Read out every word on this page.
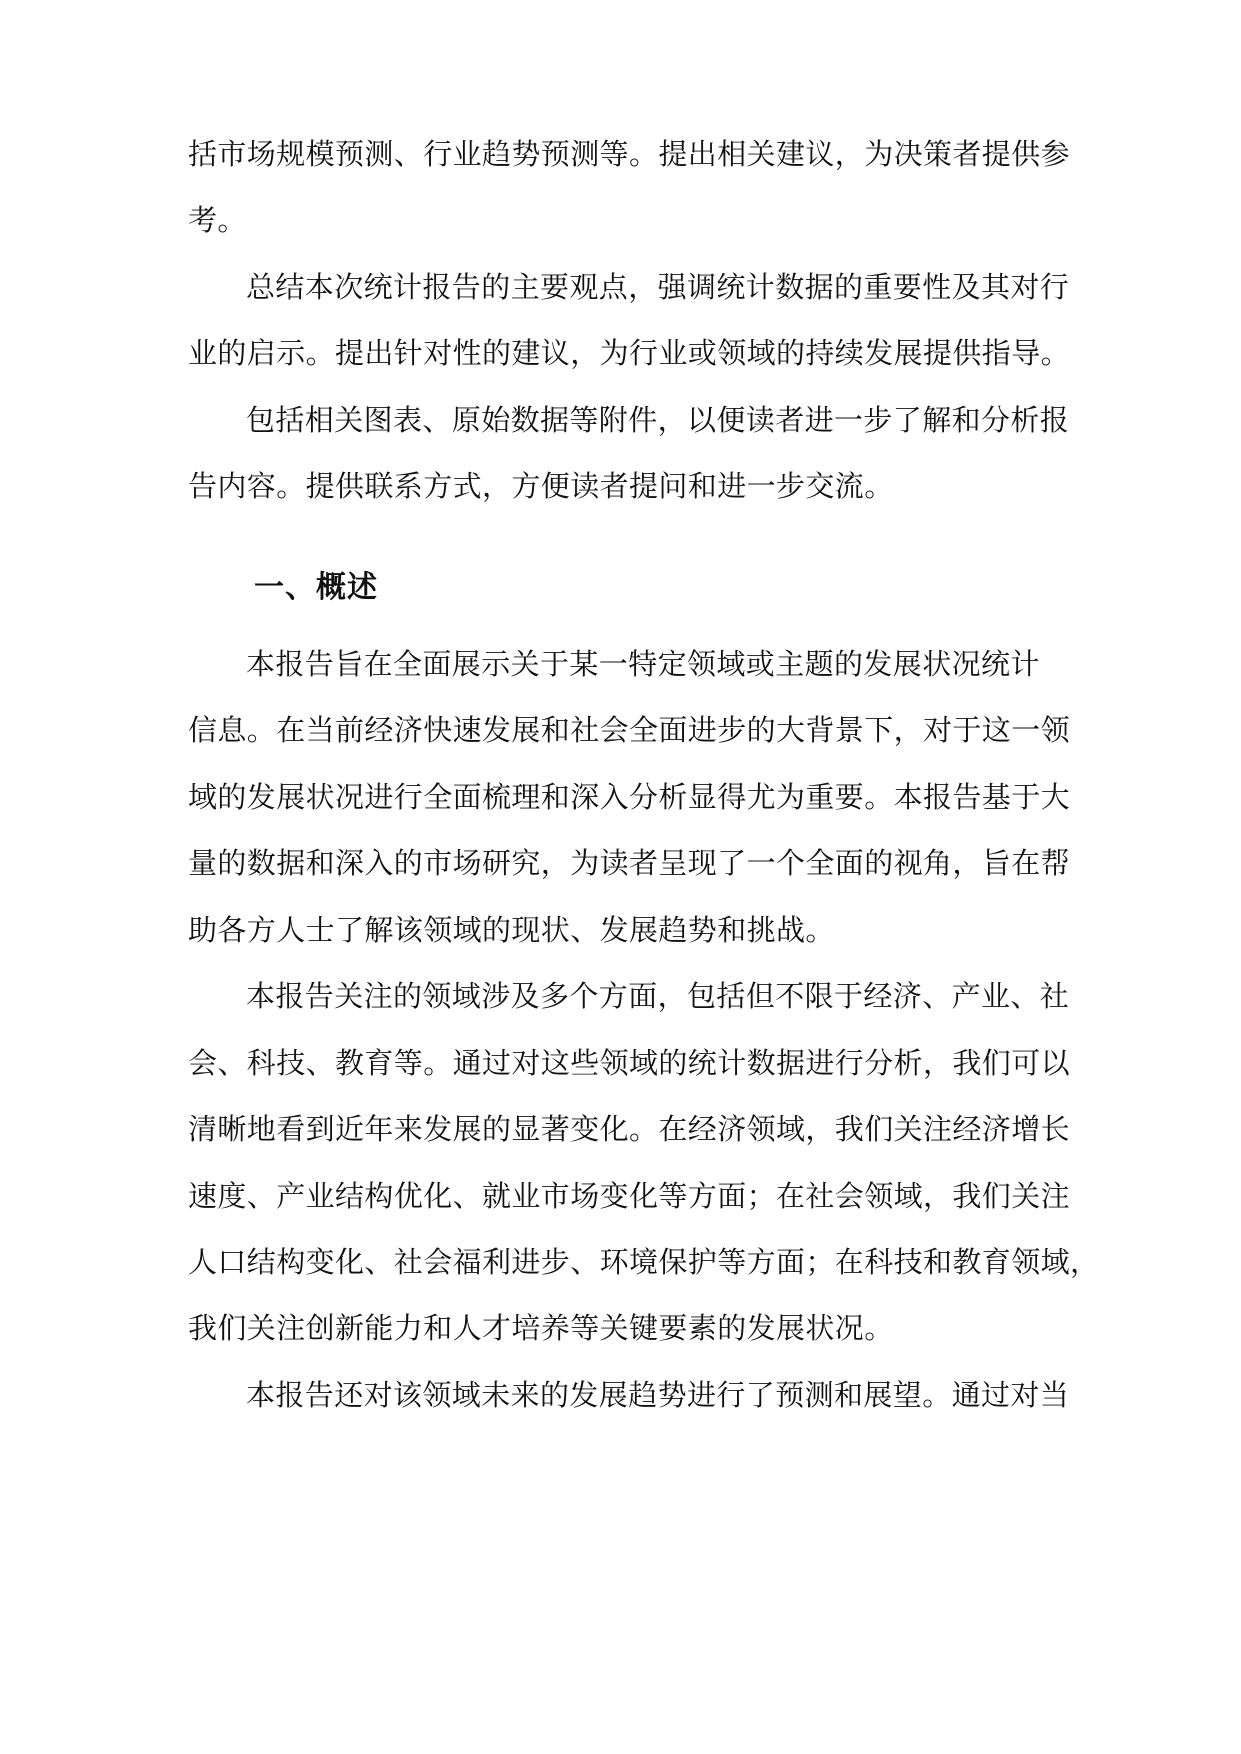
括市场规模预测、行业趋势预测等。提出相关建议，为决策者提供参
考。
总结本次统计报告的主要观点，强调统计数据的重要性及其对行
业的启示。提出针对性的建议，为行业或领域的持续发展提供指导。
包括相关图表、原始数据等附件，以便读者进一步了解和分析报
告内容。提供联系方式，方便读者提问和进一步交流。
一、概述
本报告旨在全面展示关于某一特定领域或主题的发展状况统计
信息。在当前经济快速发展和社会全面进步的大背景下，对于这一领
域的发展状况进行全面梳理和深入分析显得尤为重要。本报告基于大
量的数据和深入的市场研究，为读者呈现了一个全面的视角，旨在帮
助各方人士了解该领域的现状、发展趋势和挑战。
本报告关注的领域涉及多个方面，包括但不限于经济、产业、社
会、科技、教育等。通过对这些领域的统计数据进行分析，我们可以
清晰地看到近年来发展的显著变化。在经济领域，我们关注经济增长
速度、产业结构优化、就业市场变化等方面；在社会领域，我们关注
人口结构变化、社会福利进步、环境保护等方面；在科技和教育领域，
我们关注创新能力和人才培养等关键要素的发展状况。
本报告还对该领域未来的发展趋势进行了预测和展望。通过对当
